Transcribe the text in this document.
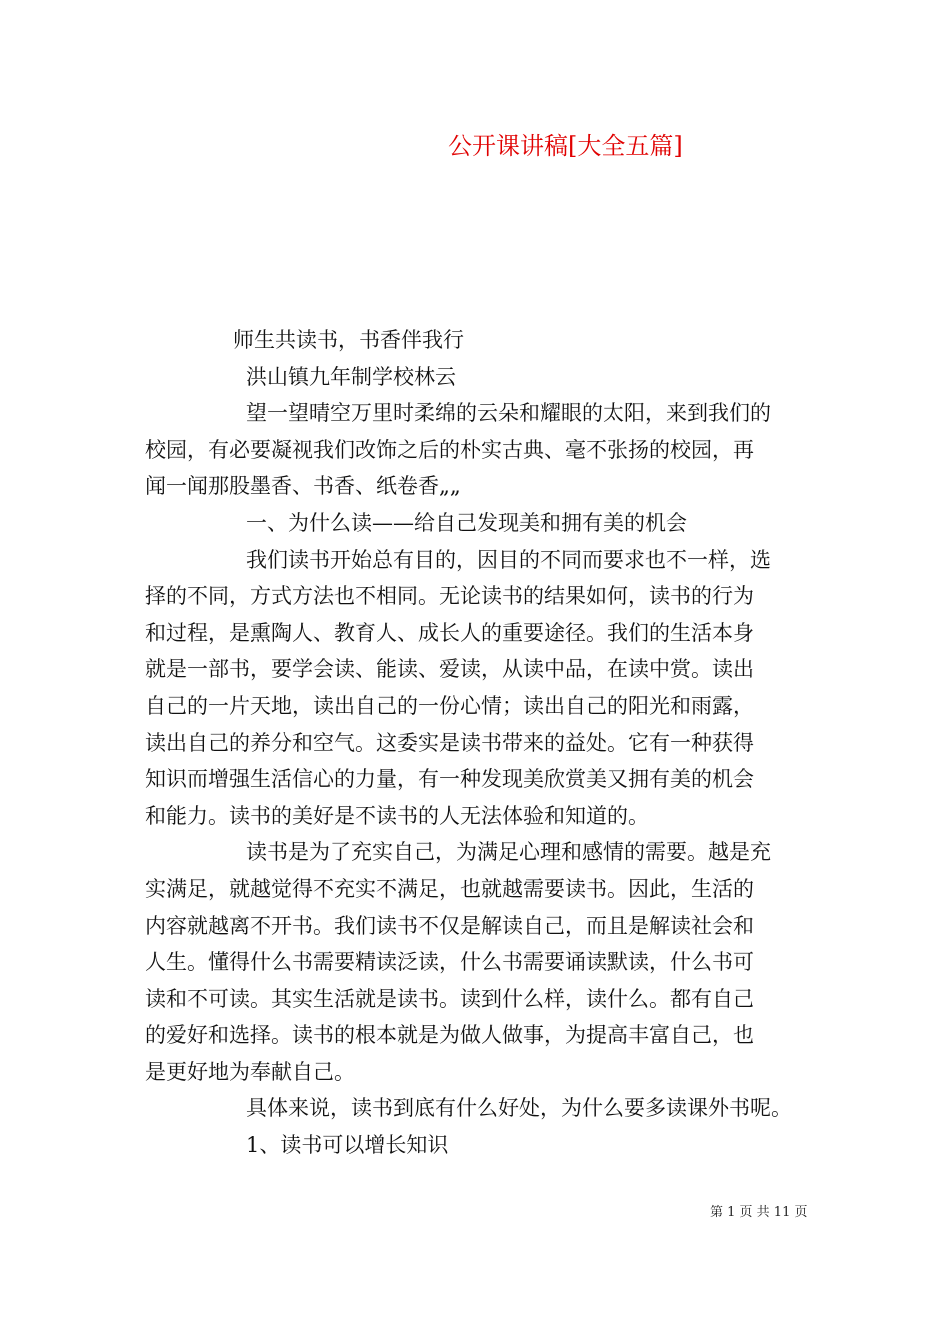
公开课讲稿[大全五篇]

师生共读书，书香伴我行

洪山镇九年制学校林云

望一望晴空万里时柔绵的云朵和耀眼的太阳，来到我们的

校园，有必要凝视我们改饰之后的朴实古典、毫不张扬的校园，再

闻一闻那股墨香、书香、纸卷香„„

一、为什么读——给自己发现美和拥有美的机会

我们读书开始总有目的，因目的不同而要求也不一样，选

择的不同，方式方法也不相同。无论读书的结果如何，读书的行为

和过程，是熏陶人、教育人、成长人的重要途径。我们的生活本身

就是一部书，要学会读、能读、爱读，从读中品，在读中赏。读出

自己的一片天地，读出自己的一份心情；读出自己的阳光和雨露，

读出自己的养分和空气。这委实是读书带来的益处。它有一种获得

知识而增强生活信心的力量，有一种发现美欣赏美又拥有美的机会

和能力。读书的美好是不读书的人无法体验和知道的。

读书是为了充实自己，为满足心理和感情的需要。越是充

实满足，就越觉得不充实不满足，也就越需要读书。因此，生活的

内容就越离不开书。我们读书不仅是解读自己，而且是解读社会和

人生。懂得什么书需要精读泛读，什么书需要诵读默读，什么书可

读和不可读。其实生活就是读书。读到什么样，读什么。都有自己

的爱好和选择。读书的根本就是为做人做事，为提高丰富自己，也

是更好地为奉献自己。

具体来说，读书到底有什么好处，为什么要多读课外书呢。

1、读书可以增长知识

第 1 页 共 11 页
